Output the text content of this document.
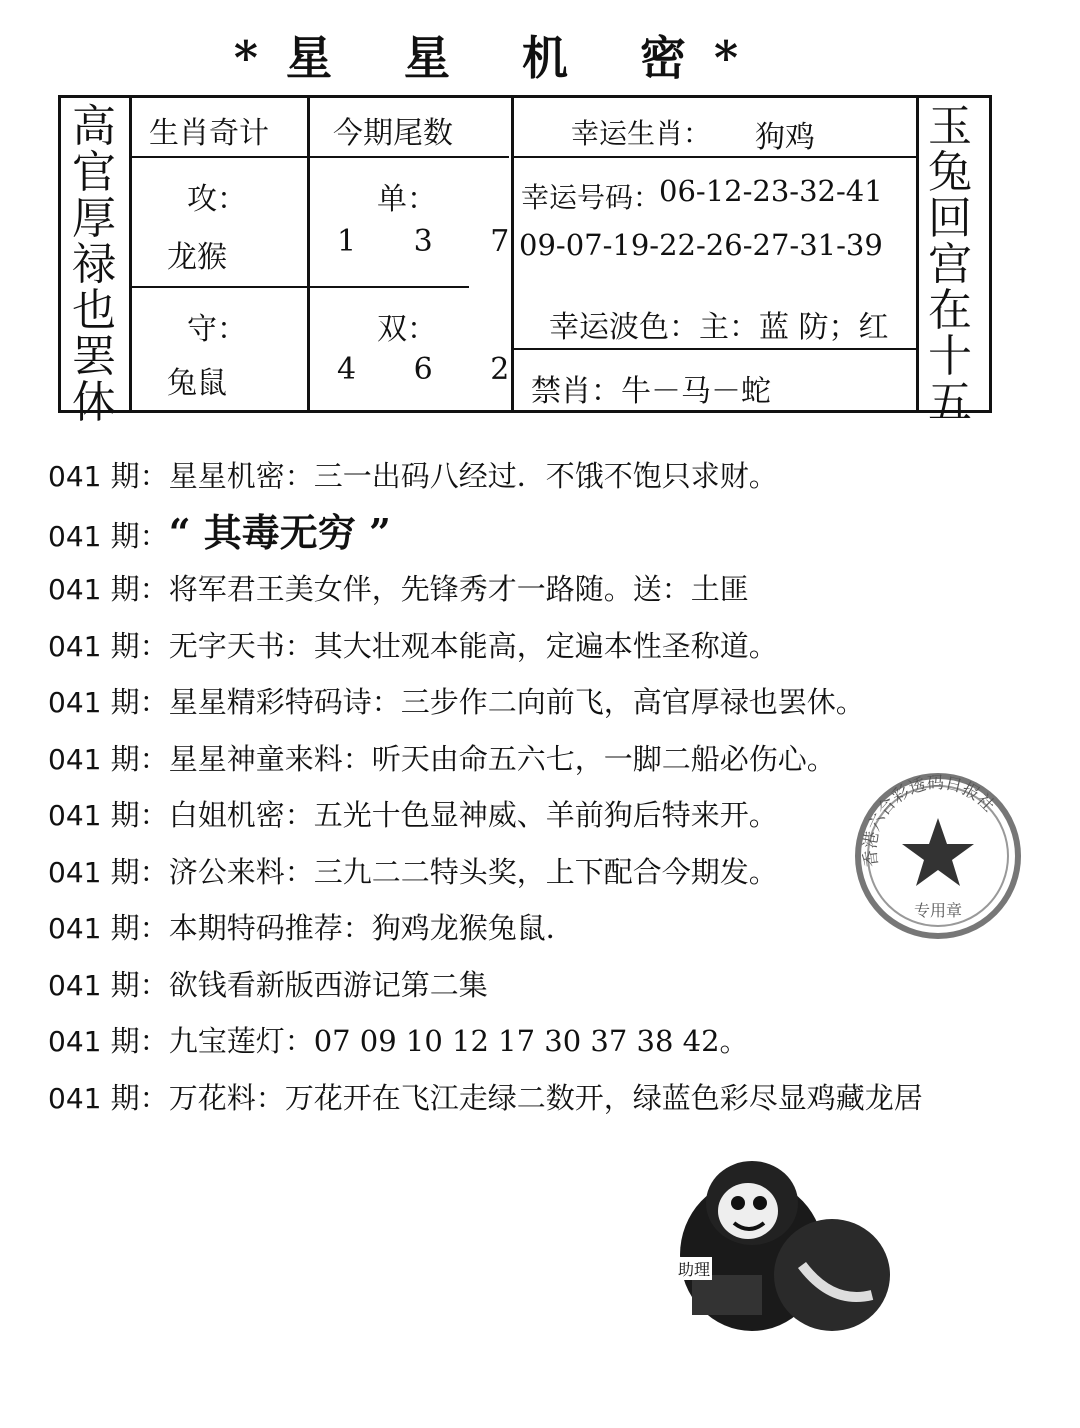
*星 星 机 密*
高官厚禄也罢休
玉兔回宫在十五
生肖奇计 今期尾数
攻：
龙猴
守：
兔鼠
单：
1 3 7
双：
4 6 2
幸运生肖： 狗鸡
幸运号码：
06-12-23-32-41
09-07-19-22-26-27-31-39
幸运波色：主：蓝 防；红
禁肖：牛－马－蛇
041 期：星星机密：三一出码八经过．不饿不饱只求财。
041 期：“ 其毒无穷 ”
041 期：将军君王美女伴，先锋秀才一路随。送：土匪
041 期：无字天书：其大壮观本能高，定遍本性圣称道。
041 期：星星精彩特码诗：三步作二向前飞，高官厚禄也罢休。
041 期：星星神童来料：听天由命五六七，一脚二船必伤心。
041 期：白姐机密：五光十色显神威、羊前狗后特来开。
041 期：济公来料：三九二二特头奖，上下配合今期发。
041 期：本期特码推荐：狗鸡龙猴兔鼠．
041 期：欲钱看新版西游记第二集
041 期：九宝莲灯：07 09 10 12 17 30 37 38 42。
041 期：万花料：万花开在飞江走绿二数开，绿蓝色彩尽显鸡藏龙居
香港六合彩透码日报社
专用章
助理
